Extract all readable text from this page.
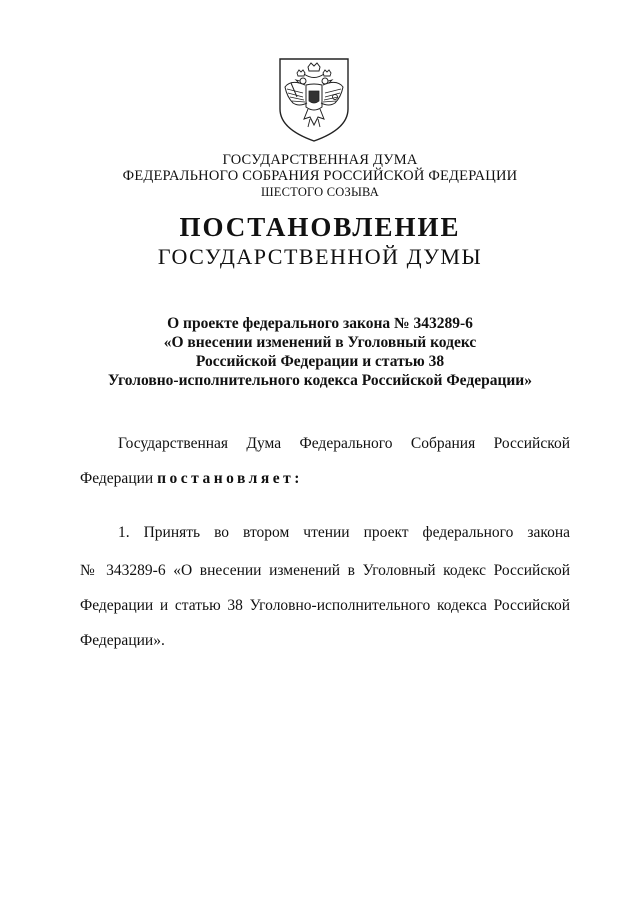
ГОСУДАРСТВЕННАЯ ДУМА
ФЕДЕРАЛЬНОГО СОБРАНИЯ РОССИЙСКОЙ ФЕДЕРАЦИИ
ШЕСТОГО СОЗЫВА
ПОСТАНОВЛЕНИЕ
ГОСУДАРСТВЕННОЙ ДУМЫ
О проекте федерального закона № 343289-6
«О внесении изменений в Уголовный кодекс
Российской Федерации и статью 38
Уголовно-исполнительного кодекса Российской Федерации»
Государственная Дума Федерального Собрания Российской
Федерации постановляет:
1. Принять во втором чтении проект федерального закона
№ 343289-6 «О внесении изменений в Уголовный кодекс Российской
Федерации и статью 38 Уголовно-исполнительного кодекса Российской
Федерации».
